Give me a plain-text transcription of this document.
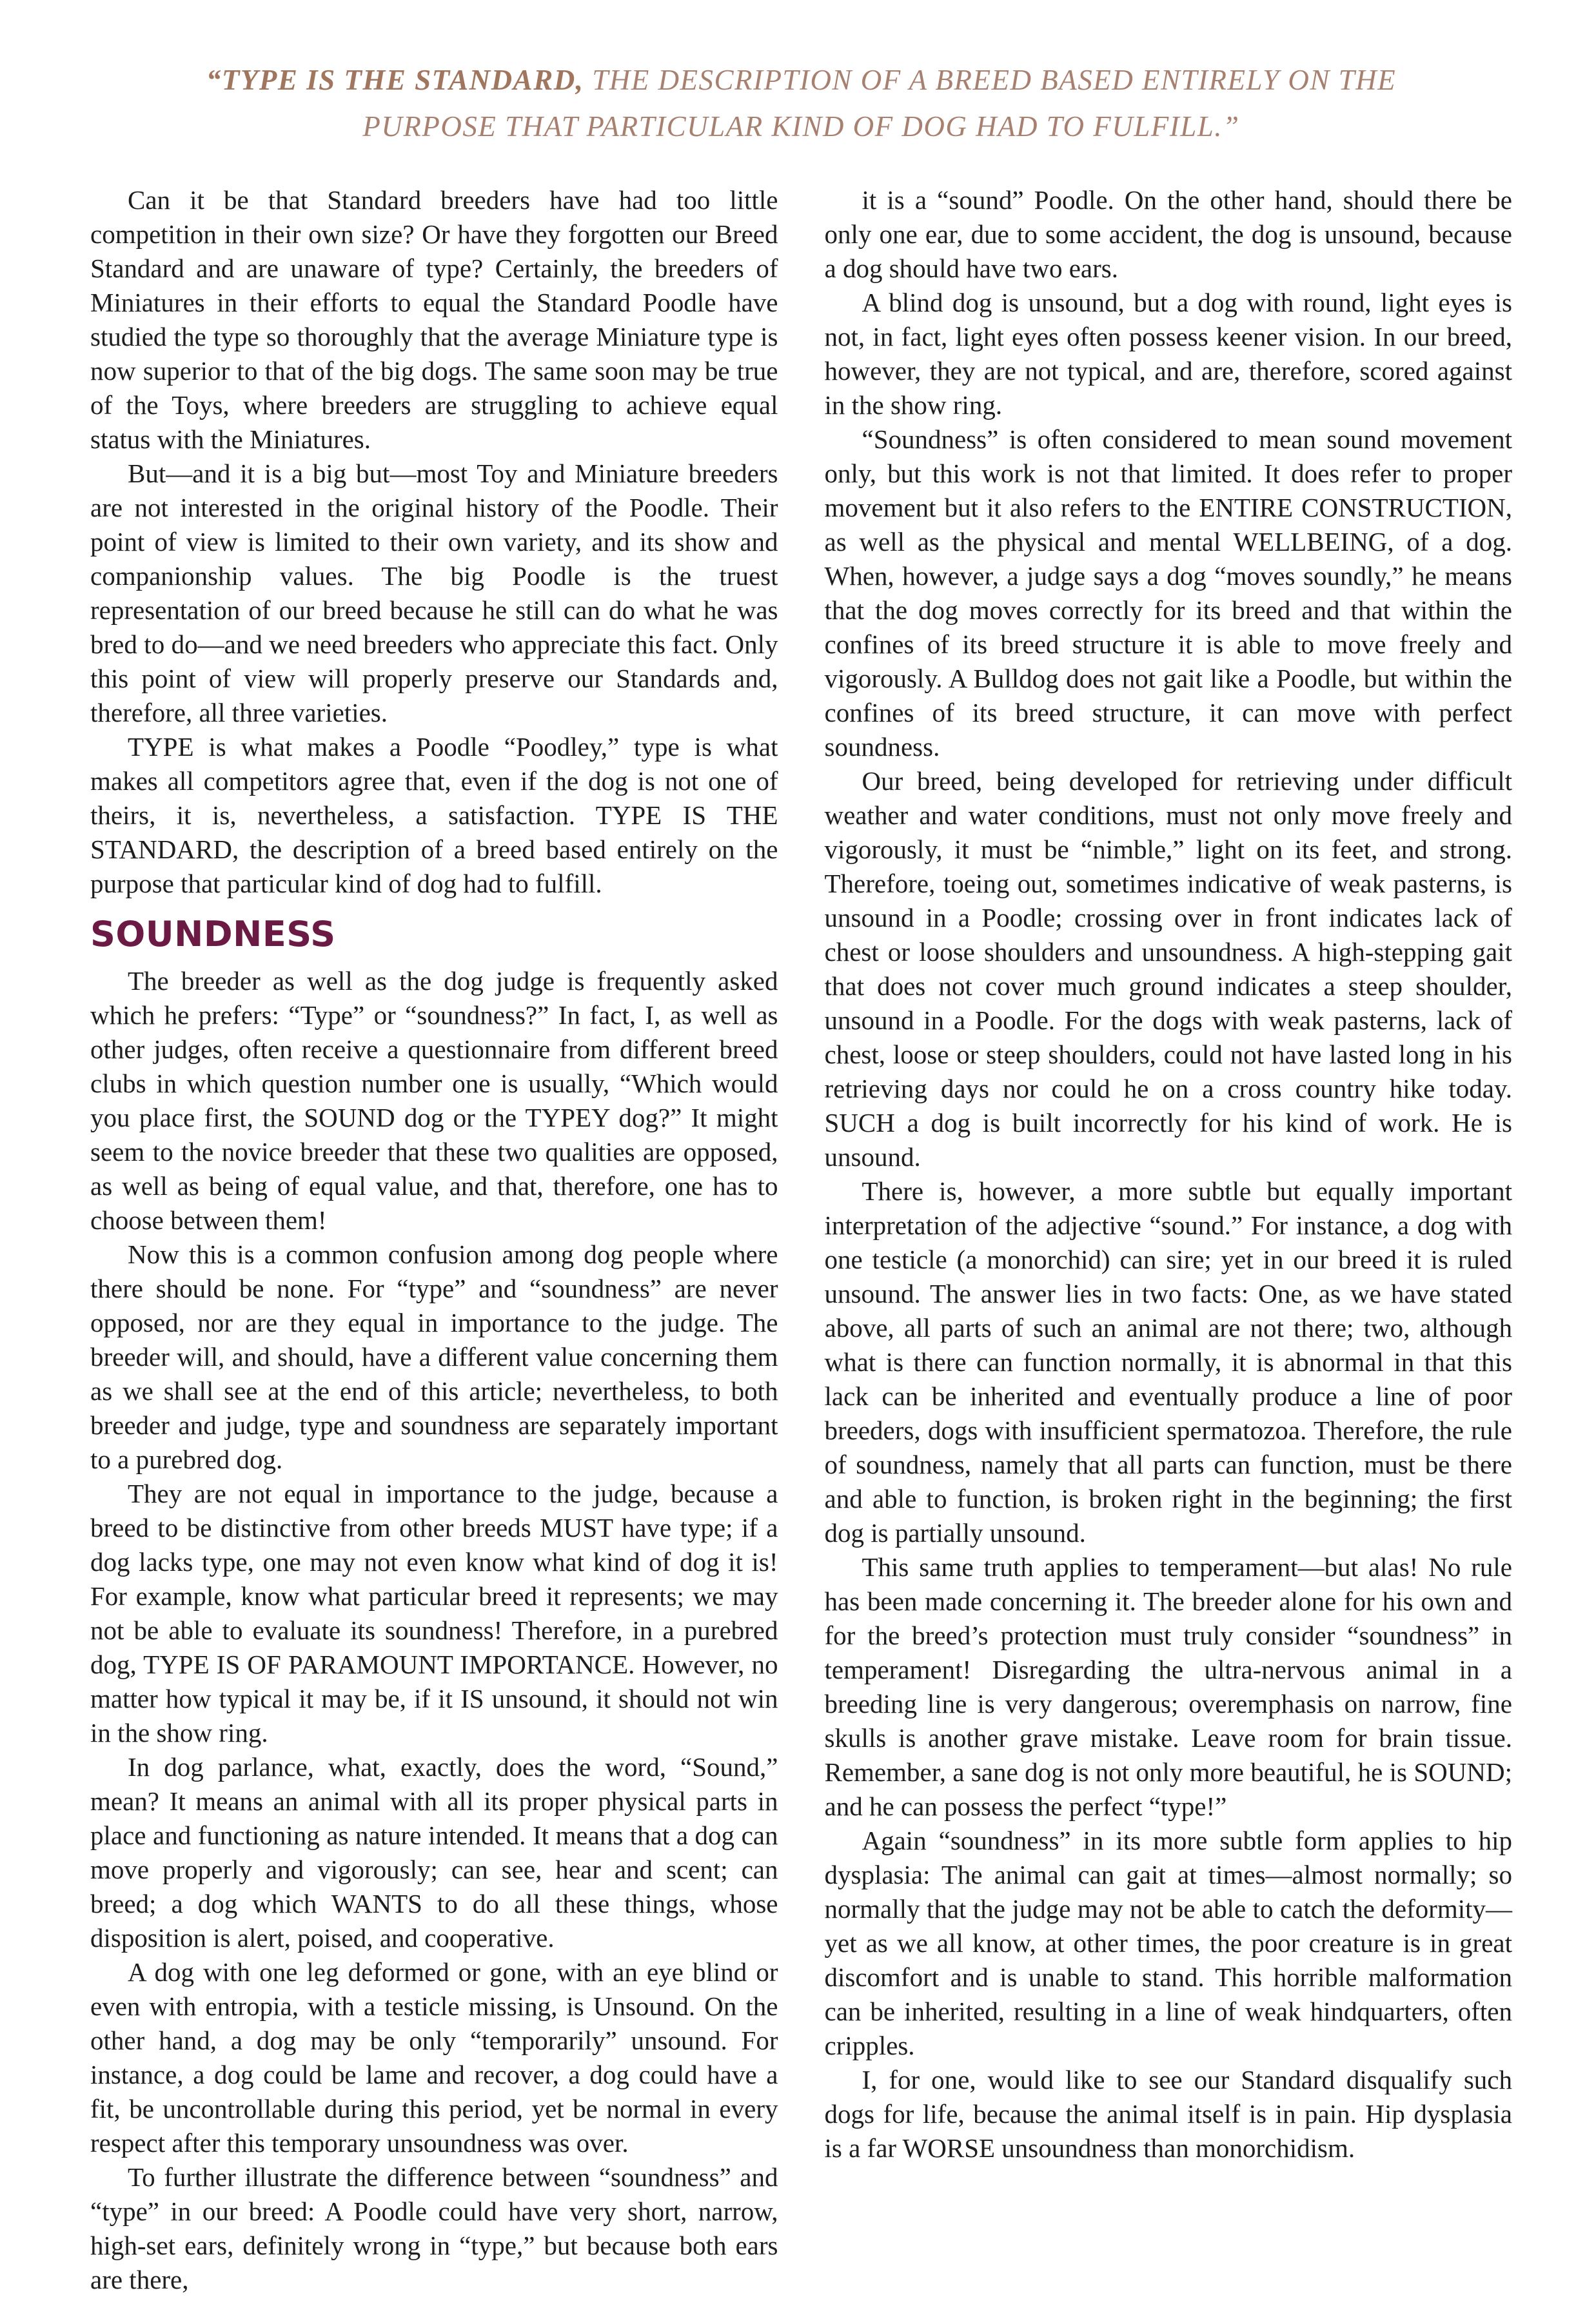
“TYPE IS THE STANDARD, THE DESCRIPTION OF A BREED BASED ENTIRELY ON THE PURPOSE THAT PARTICULAR KIND OF DOG HAD TO FULFILL.”

Can it be that Standard breeders have had too little competition in their own size? Or have they forgotten our Breed Standard and are unaware of type? Certainly, the breeders of Miniatures in their efforts to equal the Standard Poodle have studied the type so thoroughly that the average Miniature type is now superior to that of the big dogs. The same soon may be true of the Toys, where breeders are struggling to achieve equal status with the Miniatures.

But—and it is a big but—most Toy and Miniature breeders are not interested in the original history of the Poodle. Their point of view is limited to their own variety, and its show and companionship values. The big Poodle is the truest representation of our breed because he still can do what he was bred to do—and we need breeders who appreciate this fact. Only this point of view will properly preserve our Standards and, therefore, all three varieties.

TYPE is what makes a Poodle “Poodley,” type is what makes all competitors agree that, even if the dog is not one of theirs, it is, nevertheless, a satisfaction. TYPE IS THE STANDARD, the description of a breed based entirely on the purpose that particular kind of dog had to fulfill.

SOUNDNESS

The breeder as well as the dog judge is frequently asked which he prefers: “Type” or “soundness?” In fact, I, as well as other judges, often receive a questionnaire from different breed clubs in which question number one is usually, “Which would you place first, the SOUND dog or the TYPEY dog?” It might seem to the novice breeder that these two qualities are opposed, as well as being of equal value, and that, therefore, one has to choose between them!

Now this is a common confusion among dog people where there should be none. For “type” and “soundness” are never opposed, nor are they equal in importance to the judge. The breeder will, and should, have a different value concerning them as we shall see at the end of this article; nevertheless, to both breeder and judge, type and soundness are separately important to a purebred dog.

They are not equal in importance to the judge, because a breed to be distinctive from other breeds MUST have type; if a dog lacks type, one may not even know what kind of dog it is! For example, know what particular breed it represents; we may not be able to evaluate its soundness! Therefore, in a purebred dog, TYPE IS OF PARAMOUNT IMPORTANCE. However, no matter how typical it may be, if it IS unsound, it should not win in the show ring.

In dog parlance, what, exactly, does the word, “Sound,” mean? It means an animal with all its proper physical parts in place and functioning as nature intended. It means that a dog can move properly and vigorously; can see, hear and scent; can breed; a dog which WANTS to do all these things, whose disposition is alert, poised, and cooperative.

A dog with one leg deformed or gone, with an eye blind or even with entropia, with a testicle missing, is Unsound. On the other hand, a dog may be only “temporarily” unsound. For instance, a dog could be lame and recover, a dog could have a fit, be uncontrollable during this period, yet be normal in every respect after this temporary unsoundness was over.

To further illustrate the difference between “soundness” and “type” in our breed: A Poodle could have very short, narrow, high-set ears, definitely wrong in “type,” but because both ears are there,

it is a “sound” Poodle. On the other hand, should there be only one ear, due to some accident, the dog is unsound, because a dog should have two ears.

A blind dog is unsound, but a dog with round, light eyes is not, in fact, light eyes often possess keener vision. In our breed, however, they are not typical, and are, therefore, scored against in the show ring.

“Soundness” is often considered to mean sound movement only, but this work is not that limited. It does refer to proper movement but it also refers to the ENTIRE CONSTRUCTION, as well as the physical and mental WELLBEING, of a dog. When, however, a judge says a dog “moves soundly,” he means that the dog moves correctly for its breed and that within the confines of its breed structure it is able to move freely and vigorously. A Bulldog does not gait like a Poodle, but within the confines of its breed structure, it can move with perfect soundness.

Our breed, being developed for retrieving under difficult weather and water conditions, must not only move freely and vigorously, it must be “nimble,” light on its feet, and strong. Therefore, toeing out, sometimes indicative of weak pasterns, is unsound in a Poodle; crossing over in front indicates lack of chest or loose shoulders and unsoundness. A high-stepping gait that does not cover much ground indicates a steep shoulder, unsound in a Poodle. For the dogs with weak pasterns, lack of chest, loose or steep shoulders, could not have lasted long in his retrieving days nor could he on a cross country hike today. SUCH a dog is built incorrectly for his kind of work. He is unsound.

There is, however, a more subtle but equally important interpretation of the adjective “sound.” For instance, a dog with one testicle (a monorchid) can sire; yet in our breed it is ruled unsound. The answer lies in two facts: One, as we have stated above, all parts of such an animal are not there; two, although what is there can function normally, it is abnormal in that this lack can be inherited and eventually produce a line of poor breeders, dogs with insufficient spermatozoa. Therefore, the rule of soundness, namely that all parts can function, must be there and able to function, is broken right in the beginning; the first dog is partially unsound.

This same truth applies to temperament—but alas! No rule has been made concerning it. The breeder alone for his own and for the breed’s protection must truly consider “soundness” in temperament! Disregarding the ultra-nervous animal in a breeding line is very dangerous; overemphasis on narrow, fine skulls is another grave mistake. Leave room for brain tissue. Remember, a sane dog is not only more beautiful, he is SOUND; and he can possess the perfect “type!”

Again “soundness” in its more subtle form applies to hip dysplasia: The animal can gait at times—almost normally; so normally that the judge may not be able to catch the deformity—yet as we all know, at other times, the poor creature is in great discomfort and is unable to stand. This horrible malformation can be inherited, resulting in a line of weak hindquarters, often cripples.

I, for one, would like to see our Standard disqualify such dogs for life, because the animal itself is in pain. Hip dysplasia is a far WORSE unsoundness than monorchidism.
